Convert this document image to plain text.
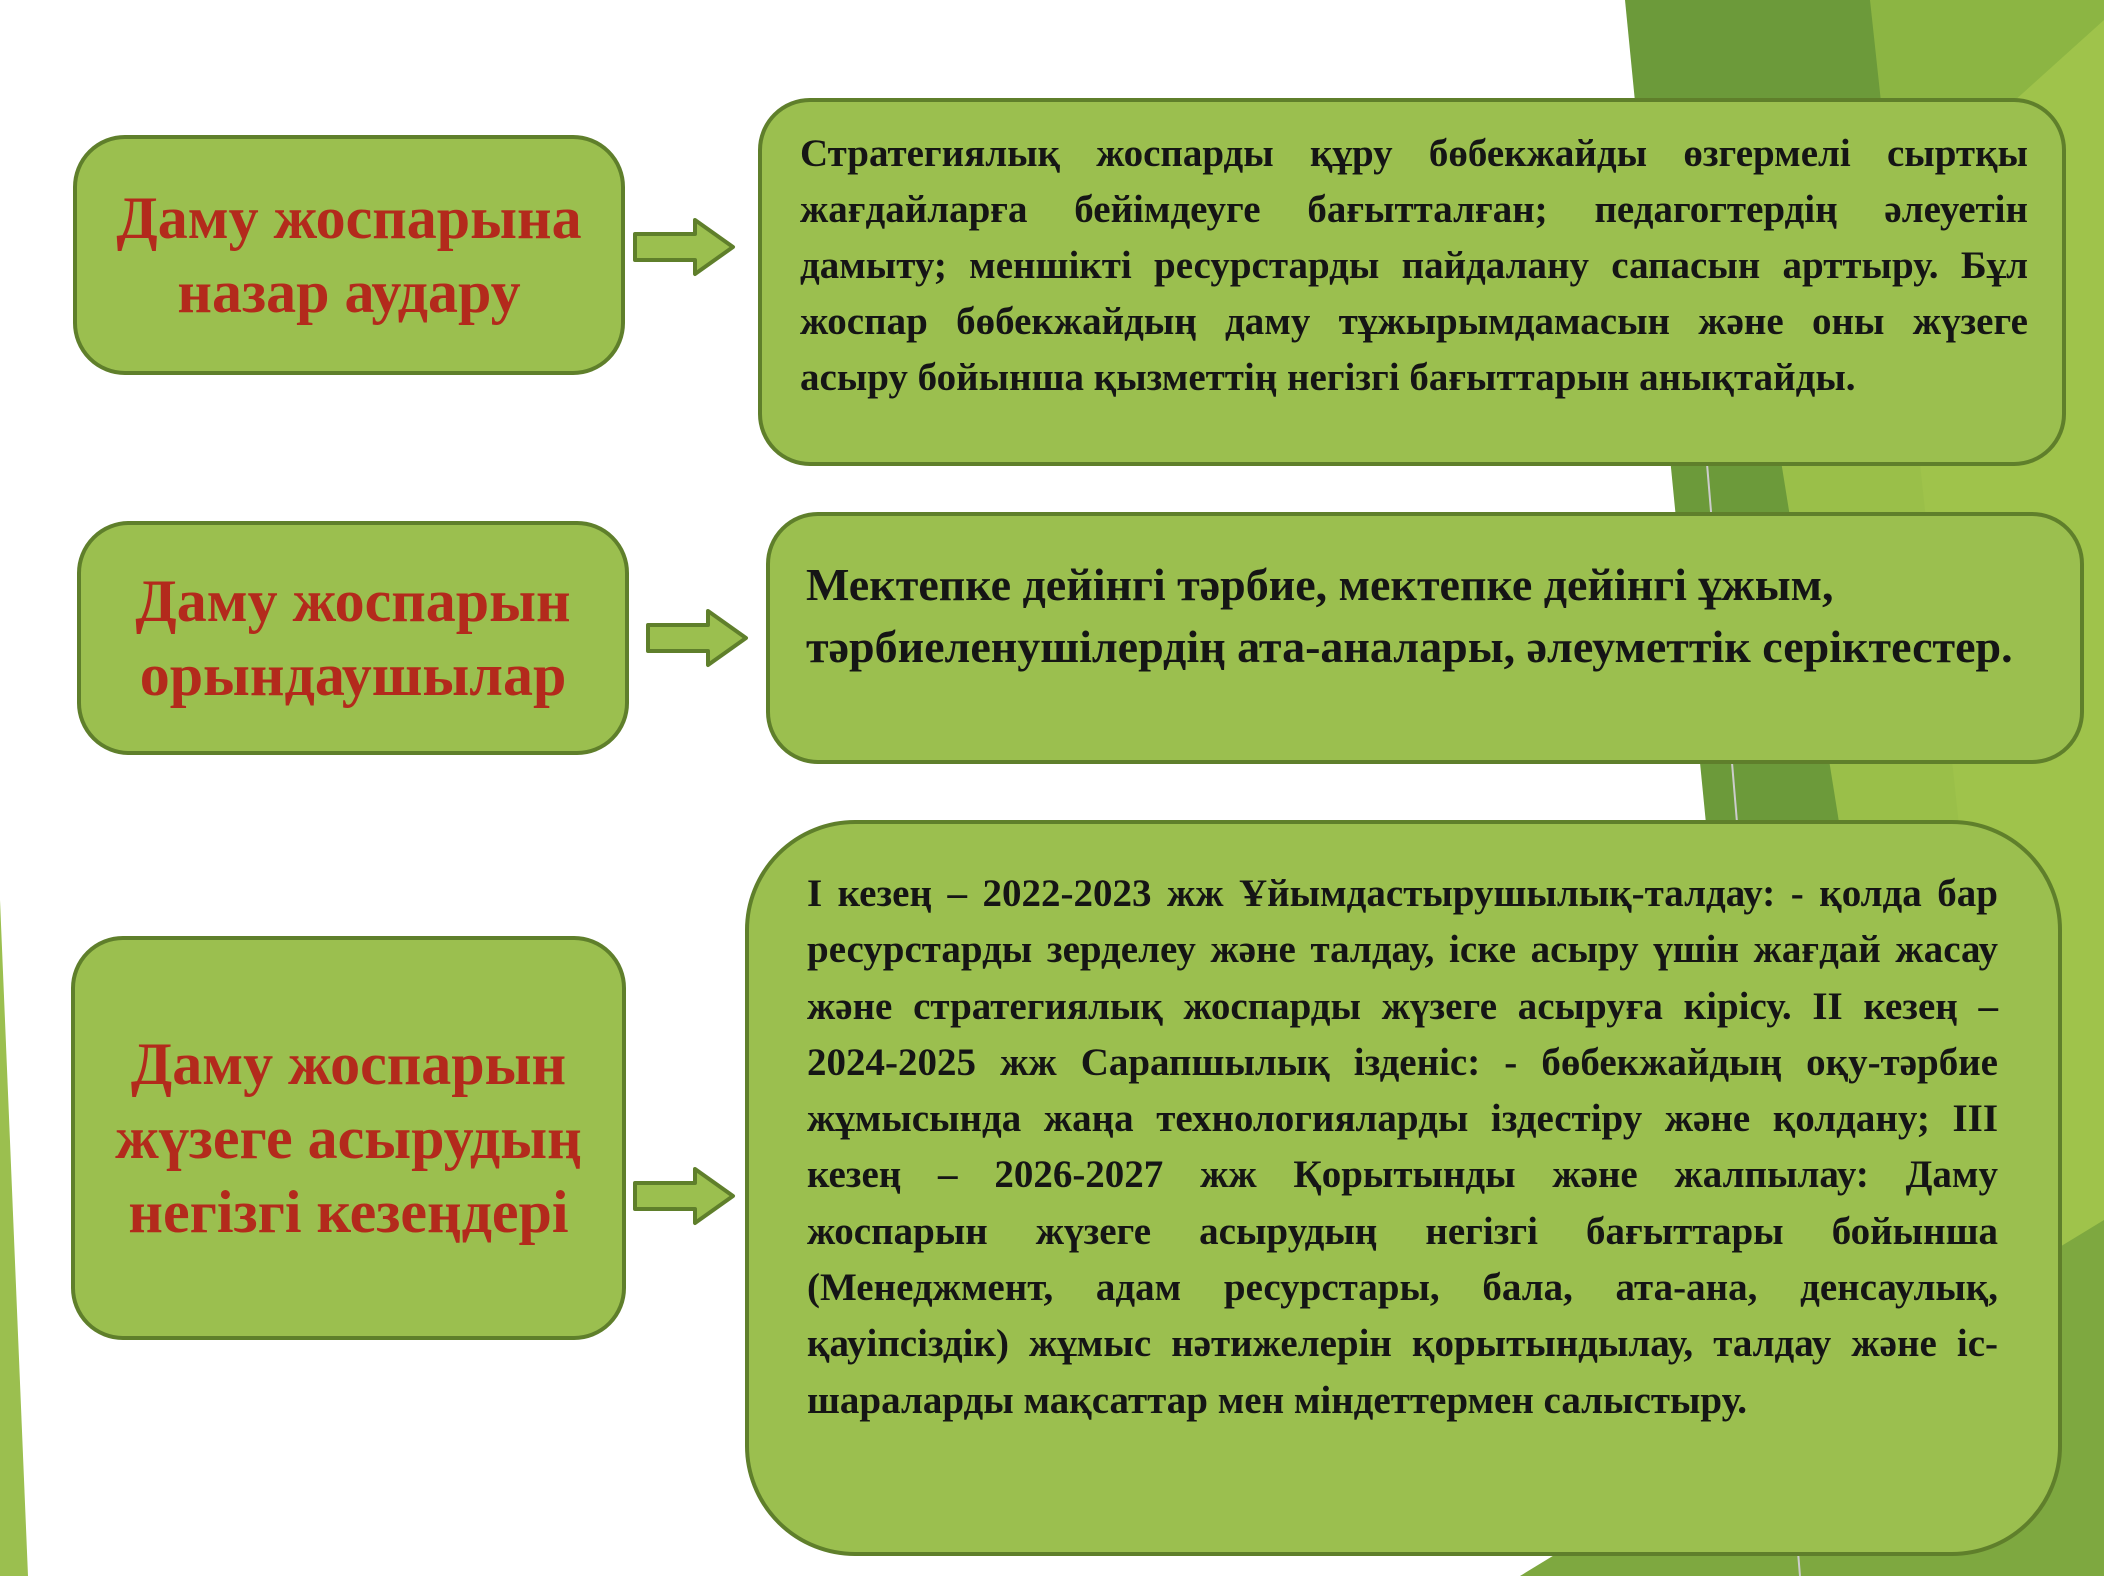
Даму жоспарына назар аудару
Стратегиялық жоспарды құру бөбекжайды өзгермелі сыртқы жағдайларға бейімдеуге бағытталған; педагогтердің әлеуетін дамыту; меншікті ресурстарды пайдалану сапасын арттыру. Бұл жоспар бөбекжайдың даму тұжырымдамасын және оны жүзеге асыру бойынша қызметтің негізгі бағыттарын анықтайды.
Даму жоспарын орындаушылар
Мектепке дейінгі тәрбие, мектепке дейінгі ұжым, тәрбиеленушілердің ата-аналары, әлеуметтік серіктестер.
Даму жоспарын жүзеге асырудың негізгі кезеңдері
І кезең – 2022-2023 жж Ұйымдастырушылық-талдау: - қолда бар ресурстарды зерделеу және талдау, іске асыру үшін жағдай жасау және стратегиялық жоспарды жүзеге асыруға кірісу. ІІ кезең – 2024-2025 жж Сарапшылық ізденіс: - бөбекжайдың оқу-тәрбие жұмысында жаңа технологияларды іздестіру және қолдану; ІІІ кезең – 2026-2027 жж Қорытынды және жалпылау: Даму жоспарын жүзеге асырудың негізгі бағыттары бойынша (Менеджмент, адам ресурстары, бала, ата-ана, денсаулық, қауіпсіздік) жұмыс нәтижелерін қорытындылау, талдау және іс-шараларды мақсаттар мен міндеттермен салыстыру.
